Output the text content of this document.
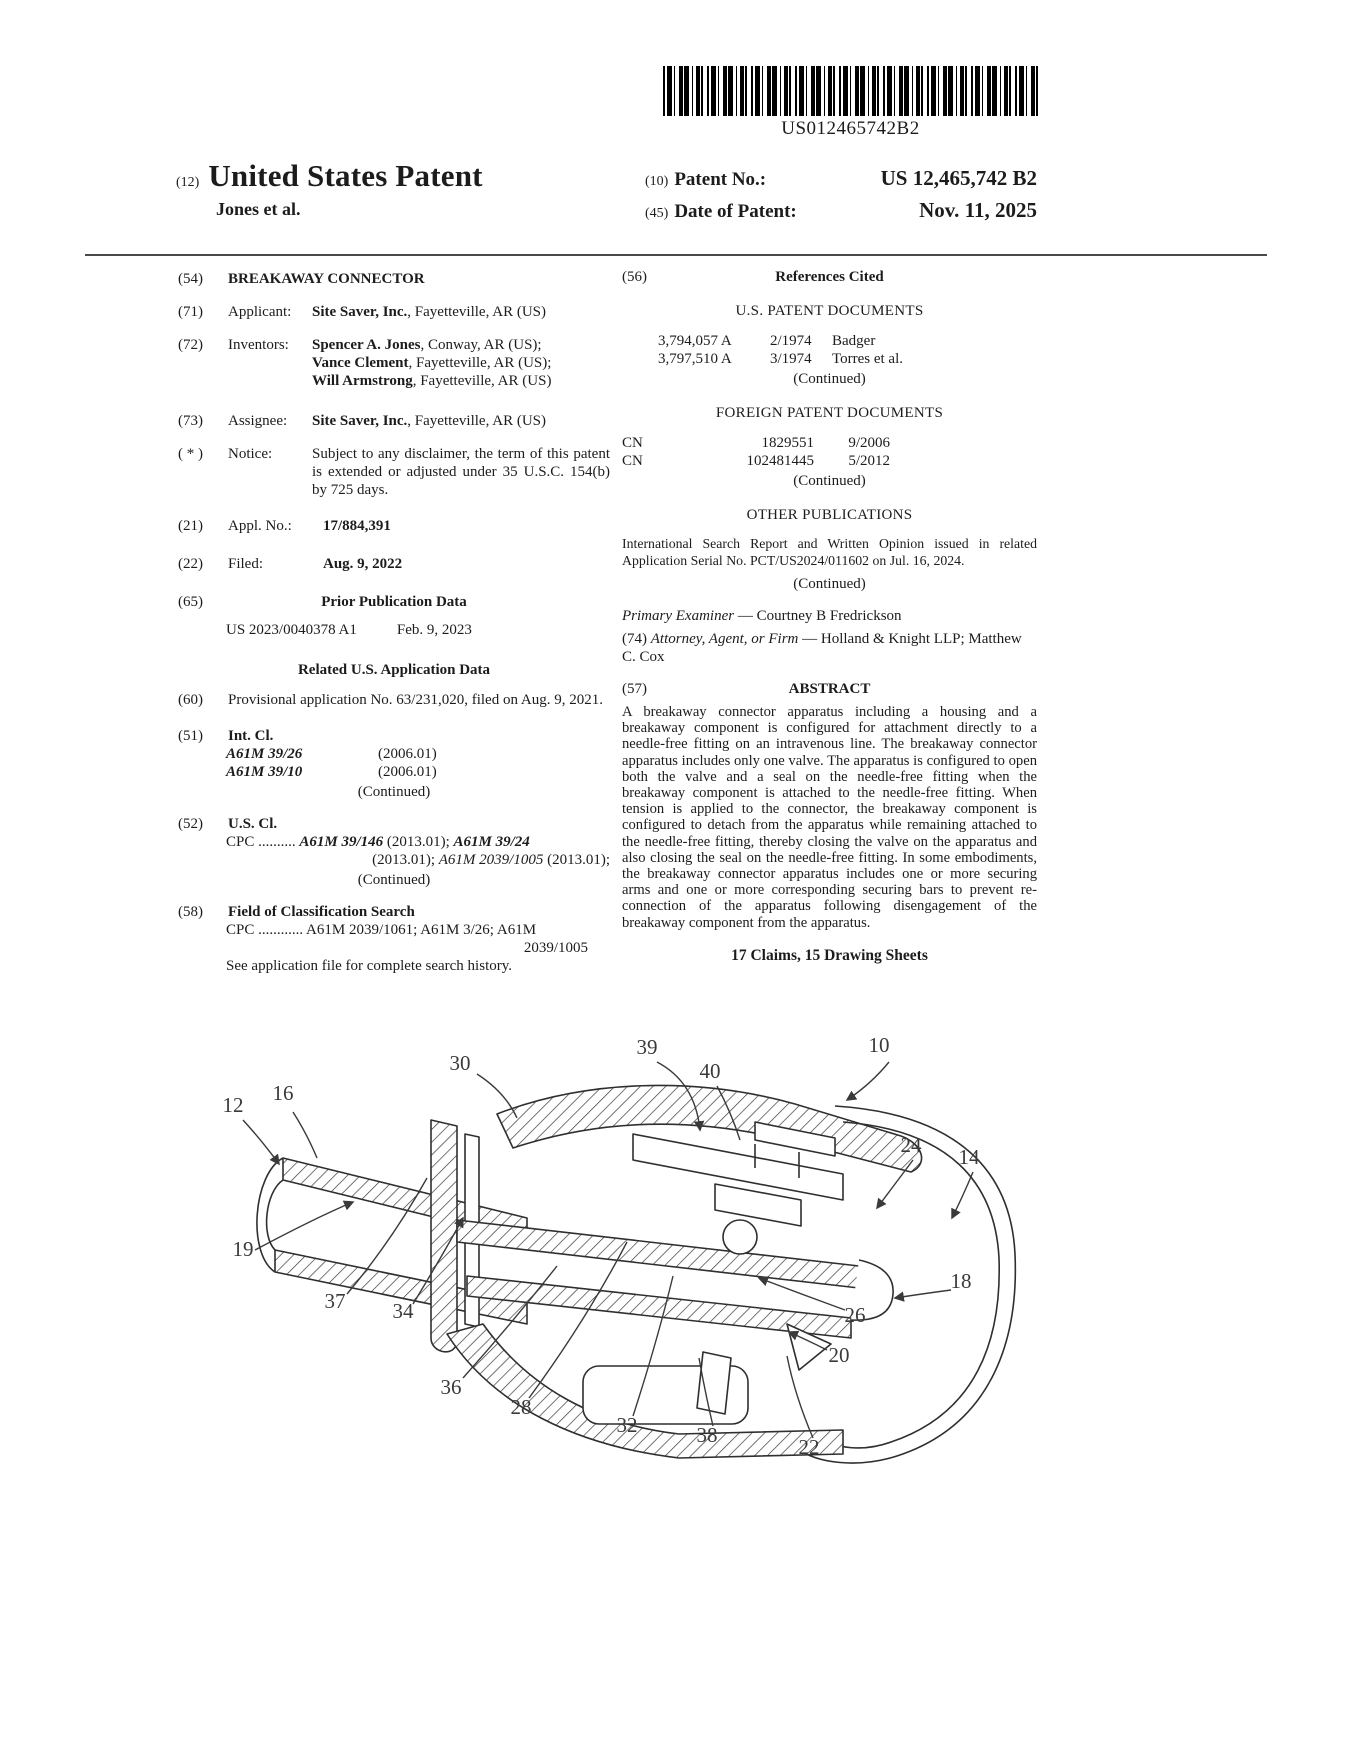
US012465742B2
(12) United States Patent
Jones et al.
(10) Patent No.:	US 12,465,742 B2
(45) Date of Patent:	Nov. 11, 2025
(54)	BREAKAWAY CONNECTOR
(71)	Applicant:	Site Saver, Inc., Fayetteville, AR (US)
(72)	Inventors:	Spencer A. Jones, Conway, AR (US);
Vance Clement, Fayetteville, AR (US);
Will Armstrong, Fayetteville, AR (US)
(73)	Assignee:	Site Saver, Inc., Fayetteville, AR (US)
( * )	Notice:	Subject to any disclaimer, the term of this patent is extended or adjusted under 35 U.S.C. 154(b) by 725 days.
(21)	Appl. No.:	17/884,391
(22)	Filed:	Aug. 9, 2022
(65)	Prior Publication Data
US 2023/0040378 A1	Feb. 9, 2023
Related U.S. Application Data
(60)	Provisional application No. 63/231,020, filed on Aug. 9, 2021.
(51)	Int. Cl.
A61M 39/26	(2006.01)
A61M 39/10	(2006.01)
(Continued)
(52)	U.S. Cl.
CPC .......... A61M 39/146 (2013.01); A61M 39/24
(2013.01); A61M 2039/1005 (2013.01);
(Continued)
(58)	Field of Classification Search
CPC ............ A61M 2039/1061; A61M 3/26; A61M
2039/1005
See application file for complete search history.
(56)	References Cited
U.S. PATENT DOCUMENTS
3,794,057 A	2/1974	Badger
3,797,510 A	3/1974	Torres et al.
(Continued)
FOREIGN PATENT DOCUMENTS
CN	1829551	9/2006
CN	102481445	5/2012
(Continued)
OTHER PUBLICATIONS
International Search Report and Written Opinion issued in related Application Serial No. PCT/US2024/011602 on Jul. 16, 2024.
(Continued)
Primary Examiner — Courtney B Fredrickson
(74) Attorney, Agent, or Firm — Holland & Knight LLP; Matthew C. Cox
(57)	ABSTRACT
A breakaway connector apparatus including a housing and a breakaway component is configured for attachment directly to a needle-free fitting on an intravenous line. The breakaway connector apparatus includes only one valve. The apparatus is configured to open both the valve and a seal on the needle-free fitting when the breakaway component is attached to the needle-free fitting. When tension is applied to the connector, the breakaway component is configured to detach from the apparatus while remaining attached to the needle-free fitting, thereby closing the valve on the apparatus and also closing the seal on the needle-free fitting. In some embodiments, the breakaway connector apparatus includes one or more securing arms and one or more corresponding securing bars to prevent re-connection of the apparatus following disengagement of the breakaway component from the apparatus.
17 Claims, 15 Drawing Sheets
30
39	10
40
12 16
24 14
19
37 34	26
18
20
36
28
32	38	22
